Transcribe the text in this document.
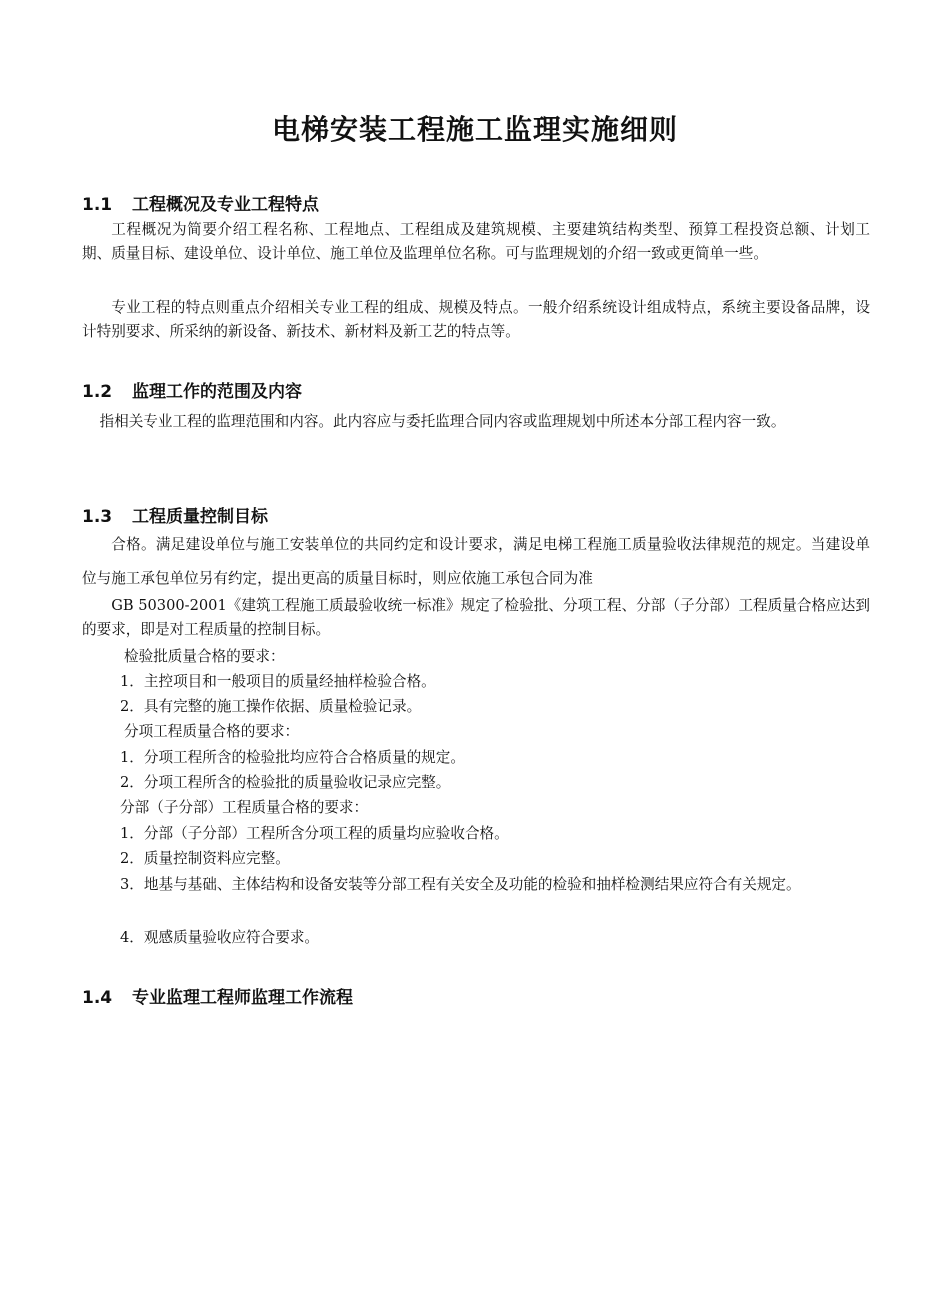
电梯安装工程施工监理实施细则
1.1 工程概况及专业工程特点
工程概况为简要介绍工程名称、工程地点、工程组成及建筑规模、主要建筑结构类型、预算工程投资总额、计划工期、质量目标、建设单位、设计单位、施工单位及监理单位名称。可与监理规划的介绍一致或更简单一些。
专业工程的特点则重点介绍相关专业工程的组成、规模及特点。一般介绍系统设计组成特点，系统主要设备品牌，设计特别要求、所采纳的新设备、新技术、新材料及新工艺的特点等。
1.2 监理工作的范围及内容
指相关专业工程的监理范围和内容。此内容应与委托监理合同内容或监理规划中所述本分部工程内容一致。
1.3 工程质量控制目标
合格。满足建设单位与施工安装单位的共同约定和设计要求，满足电梯工程施工质量验收法律规范的规定。当建设单位与施工承包单位另有约定，提出更高的质量目标时，则应依施工承包合同为准
GB 50300-2001《建筑工程施工质最验收统一标准》规定了检验批、分项工程、分部（子分部）工程质量合格应达到的要求，即是对工程质量的控制目标。
检验批质量合格的要求：
1．主控项目和一般项目的质量经抽样检验合格。
2．具有完整的施工操作依据、质量检验记录。
分项工程质量合格的要求：
1．分项工程所含的检验批均应符合合格质量的规定。
2．分项工程所含的检验批的质量验收记录应完整。
分部（子分部）工程质量合格的要求：
1．分部（子分部）工程所含分项工程的质量均应验收合格。
2．质量控制资料应完整。
3．地基与基础、主体结构和设备安装等分部工程有关安全及功能的检验和抽样检测结果应符合有关规定。
4．观感质量验收应符合要求。
1.4 专业监理工程师监理工作流程
